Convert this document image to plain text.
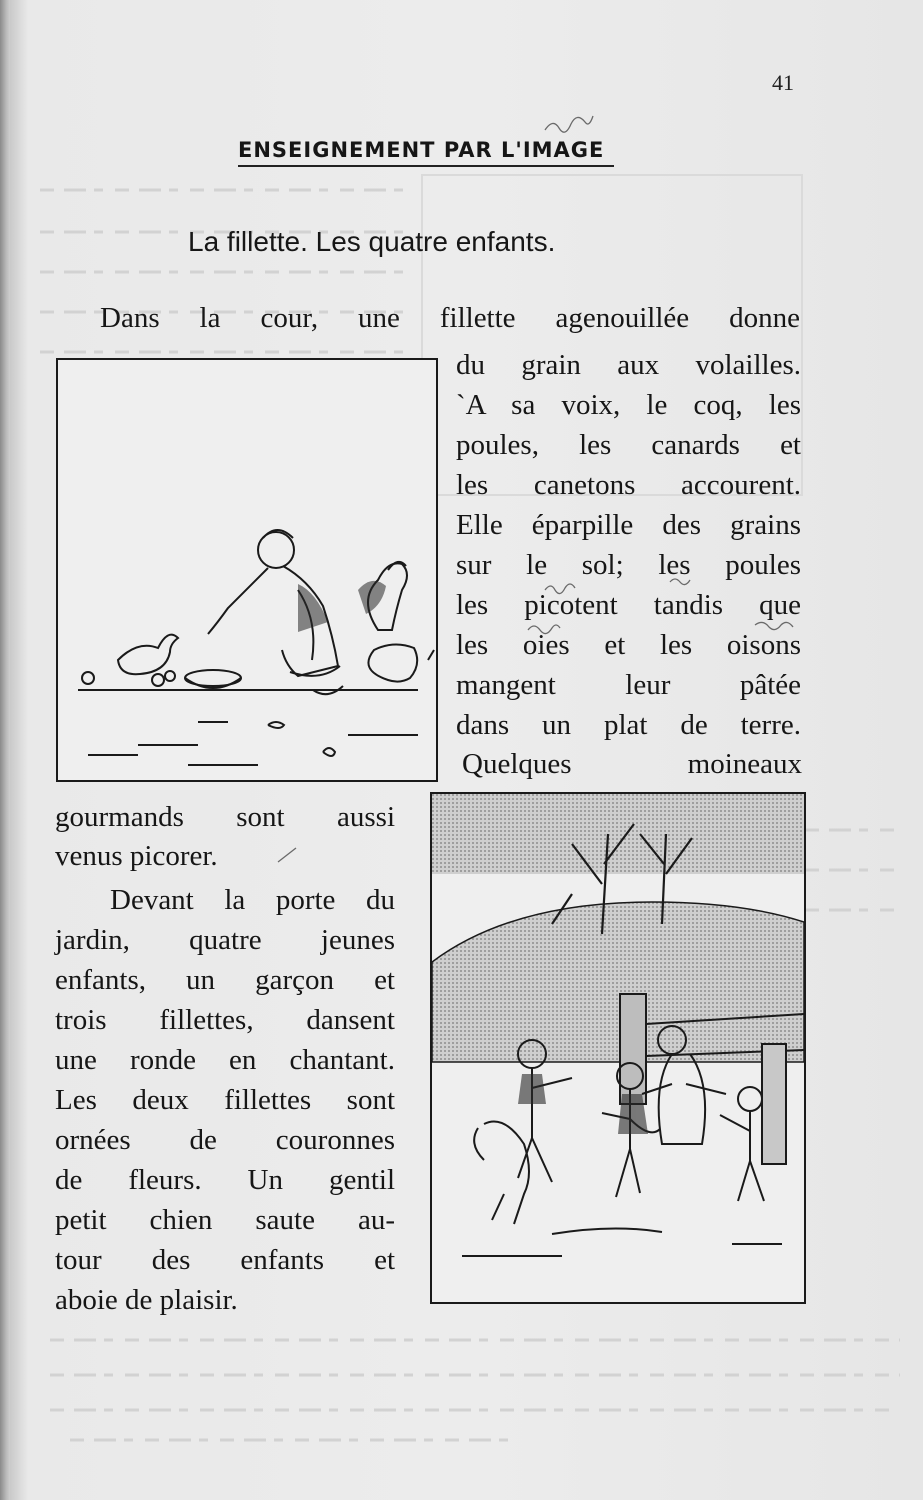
41
ENSEIGNEMENT PAR L'IMAGE
La fillette. Les quatre enfants.
Dans la cour, une fillette agenouillée donne
du grain aux volailles.
`A sa voix, le coq, les
poules, les canards et
les canetons accourent.
Elle éparpille des grains
sur le sol; les poules
les picotent tandis que
les oies et les oisons
mangent leur pâtée
dans un plat de terre.
Quelques moineaux
gourmands sont aussi
venus picorer.
Devant la porte du
jardin, quatre jeunes
enfants, un garçon et
trois fillettes, dansent
une ronde en chantant.
Les deux fillettes sont
ornées de couronnes
de fleurs. Un gentil
petit chien saute au-
tour des enfants et
aboie de plaisir.
